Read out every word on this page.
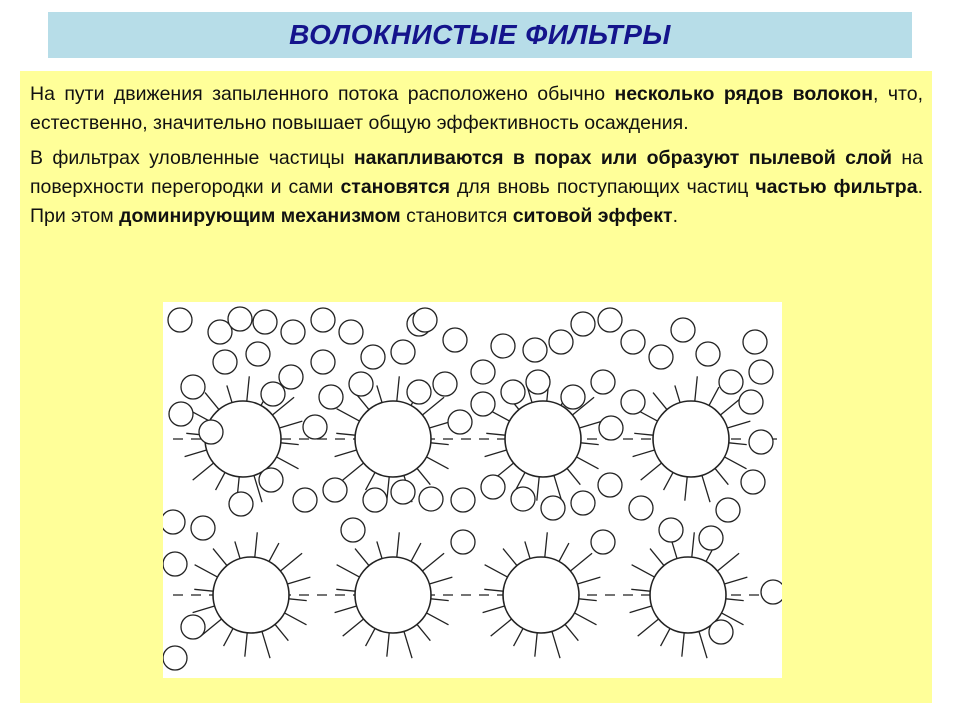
ВОЛОКНИСТЫЕ ФИЛЬТРЫ

На пути движения запыленного потока расположено обычно несколько рядов волокон, что, естественно, значительно повышает общую эффективность осаждения.

В фильтрах уловленные частицы накапливаются в порах или образуют пылевой слой на поверхности перегородки и сами становятся для вновь поступающих частиц частью фильтра. При этом доминирующим механизмом становится ситовой эффект.
